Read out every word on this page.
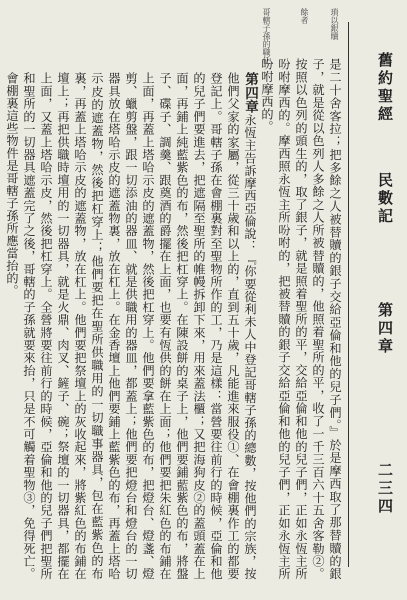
哥轄子孫的職任	餘者	瑣以銀贖
舊約聖經
民數記
第四章
二三四

是二十舍客拉；把多餘之人被替贖的銀子交給亞倫和他的兒子們。』於是摩西取了那替贖的銀子，就是從以色列人多餘之人所被替贖的，他照着聖所的平，收了一千三百六十五舍客勒②。按照以色列的頭生的，取了銀子，就是照着聖所的平，交給亞倫和他的兒子們，正如永恆主所吩咐摩西的。摩西照永恆主所吩咐的，把被替贖的銀子交給亞倫和他的兒子們，正如永恆主所吩咐摩西的。

第四章永恆主告訴摩西亞倫說：『你要從利未人中登記哥轄子孫的總數，按他們的宗族，按他們父家的家屬，從三十歲和以上的，直到五十歲，凡能進來服役①、在會棚裏作工的都要登記上。哥轄子孫在會棚裏對至聖物所作的工，乃是這樣：當營要往前行的時候，亞倫和他的兒子們要進去，把遮隔至聖所的帷幔拆卸下來，用來蓋法櫃；又把海狗皮②的蓋頭蓋在上面，再鋪上純藍紫色的布，然後把杠穿上。在陳設餅的桌子上，他們要鋪藍紫色的布，將盤子、碟子、調羹、跟奠酒的爵擺在上面，也要有恆供的餅在上面；他們要把朱紅色的布鋪在上面，再蓋上塔哈示皮的遮蓋物，然後把杠穿上。他們要拿藍紫色的布，把燈台、燈盞、燈剪、蠟剪盤，跟一切添油的器皿、就是供職用的器皿，都蓋上；他們要把燈台和燈台的一切器具放在塔哈示皮的遮蓋物裏，放在杠上。在金香壇上他們要鋪上藍紫色的布，再蓋上塔哈示皮的遮蓋物，然後把杠穿上；他們要把在聖所供職用的一切職事器具，包在藍紫色的布裏，再蓋上塔哈示皮的遮蓋物，放在杠上。他們要把祭壇上的灰收起來，將紫紅色的布鋪在壇上；再把供職時壇用的一切器具，就是火鼎、肉叉、鏟子、碗；祭壇的一切器具，都擺在上面，又蓋上塔哈示皮，然後把杠穿上。全營將要往前行的時候，亞倫和他的兒子們把聖所和聖所的一切器具遮蓋完了之後，哥轄的子孫就要來抬，只是不可觸着聖物③，免得死亡。會棚裏這些物件是哥轄子孫所應當抬的。
